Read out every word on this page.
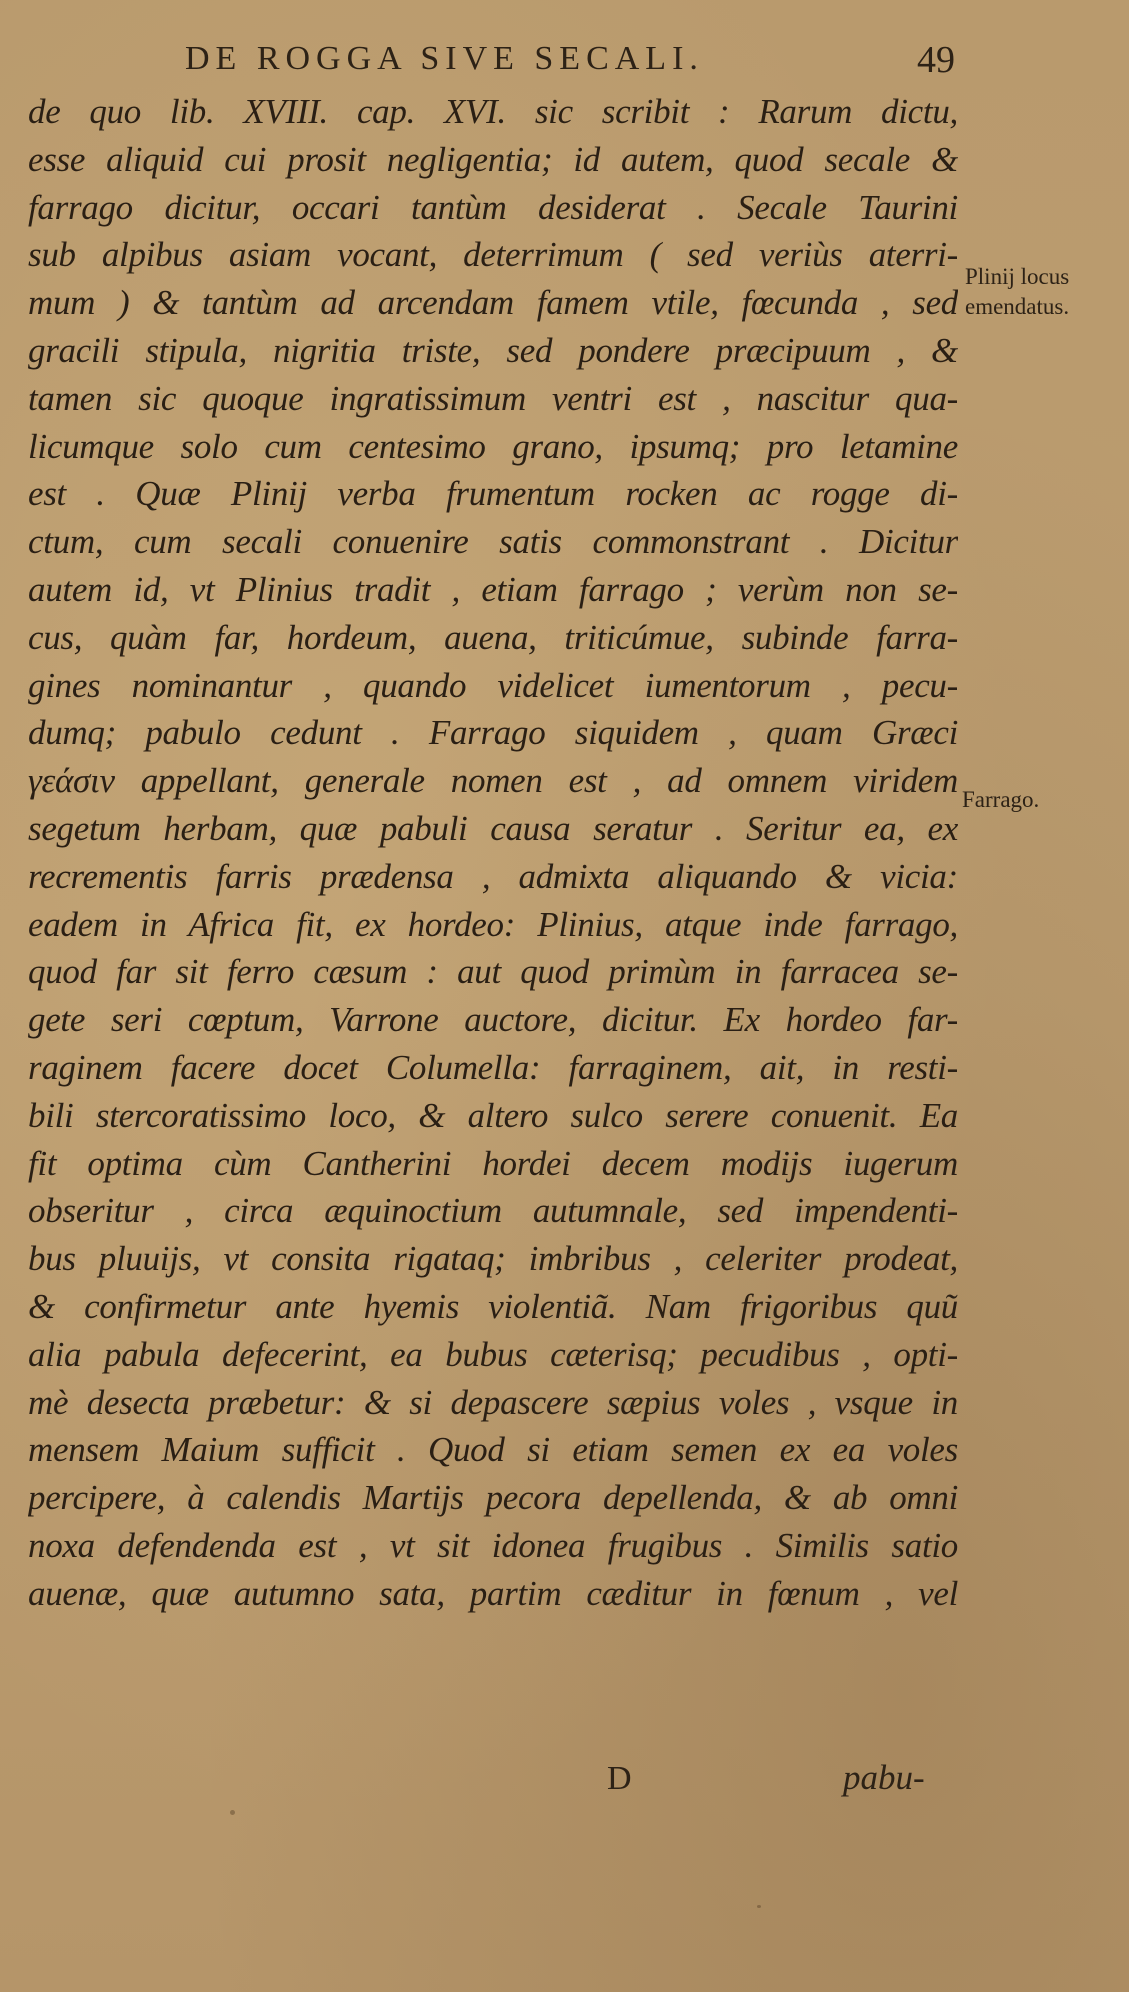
DE ROGGA SIVE SECALI.	49
de quo lib. XVIII. cap. XVI. sic scribit : Rarum dictu,
esse aliquid cui prosit negligentia; id autem, quod secale &
farrago dicitur, occari tantùm desiderat . Secale Taurini
sub alpibus asiam vocant, deterrimum ( sed veriùs aterri-
mum ) & tantùm ad arcendam famem vtile, fœcunda , sed
gracili stipula, nigritia triste, sed pondere præcipuum , &
tamen sic quoque ingratissimum ventri est , nascitur qua-
licumque solo cum centesimo grano, ipsumq; pro letamine
est . Quæ Plinij verba frumentum rocken ac rogge di-
ctum, cum secali conuenire satis commonstrant . Dicitur
autem id, vt Plinius tradit , etiam farrago ; verùm non se-
cus, quàm far, hordeum, auena, triticúmue, subinde farra-
gines nominantur , quando videlicet iumentorum , pecu-
dumq; pabulo cedunt . Farrago siquidem , quam Græci
γεάσιν appellant, generale nomen est , ad omnem viridem
segetum herbam, quæ pabuli causa seratur . Seritur ea, ex
recrementis farris prædensa , admixta aliquando & vicia:
eadem in Africa fit, ex hordeo: Plinius, atque inde farrago,
quod far sit ferro cæsum : aut quod primùm in farracea se-
gete seri cœptum, Varrone auctore, dicitur. Ex hordeo far-
raginem facere docet Columella: farraginem, ait, in resti-
bili stercoratissimo loco, & altero sulco serere conuenit. Ea
fit optima cùm Cantherini hordei decem modijs iugerum
obseritur , circa æquinoctium autumnale, sed impendenti-
bus pluuijs, vt consita rigataq; imbribus , celeriter prodeat,
& confirmetur ante hyemis violentiã. Nam frigoribus quũ
alia pabula defecerint, ea bubus cæterisq; pecudibus , opti-
mè desecta præbetur: & si depascere sæpius voles , vsque in
mensem Maium sufficit . Quod si etiam semen ex ea voles
percipere, à calendis Martijs pecora depellenda, & ab omni
noxa defendenda est , vt sit idonea frugibus . Similis satio
auenæ, quæ autumno sata, partim cæditur in fœnum , vel
Plinij locus
emendatus.
Farrago.
D	pabu-
